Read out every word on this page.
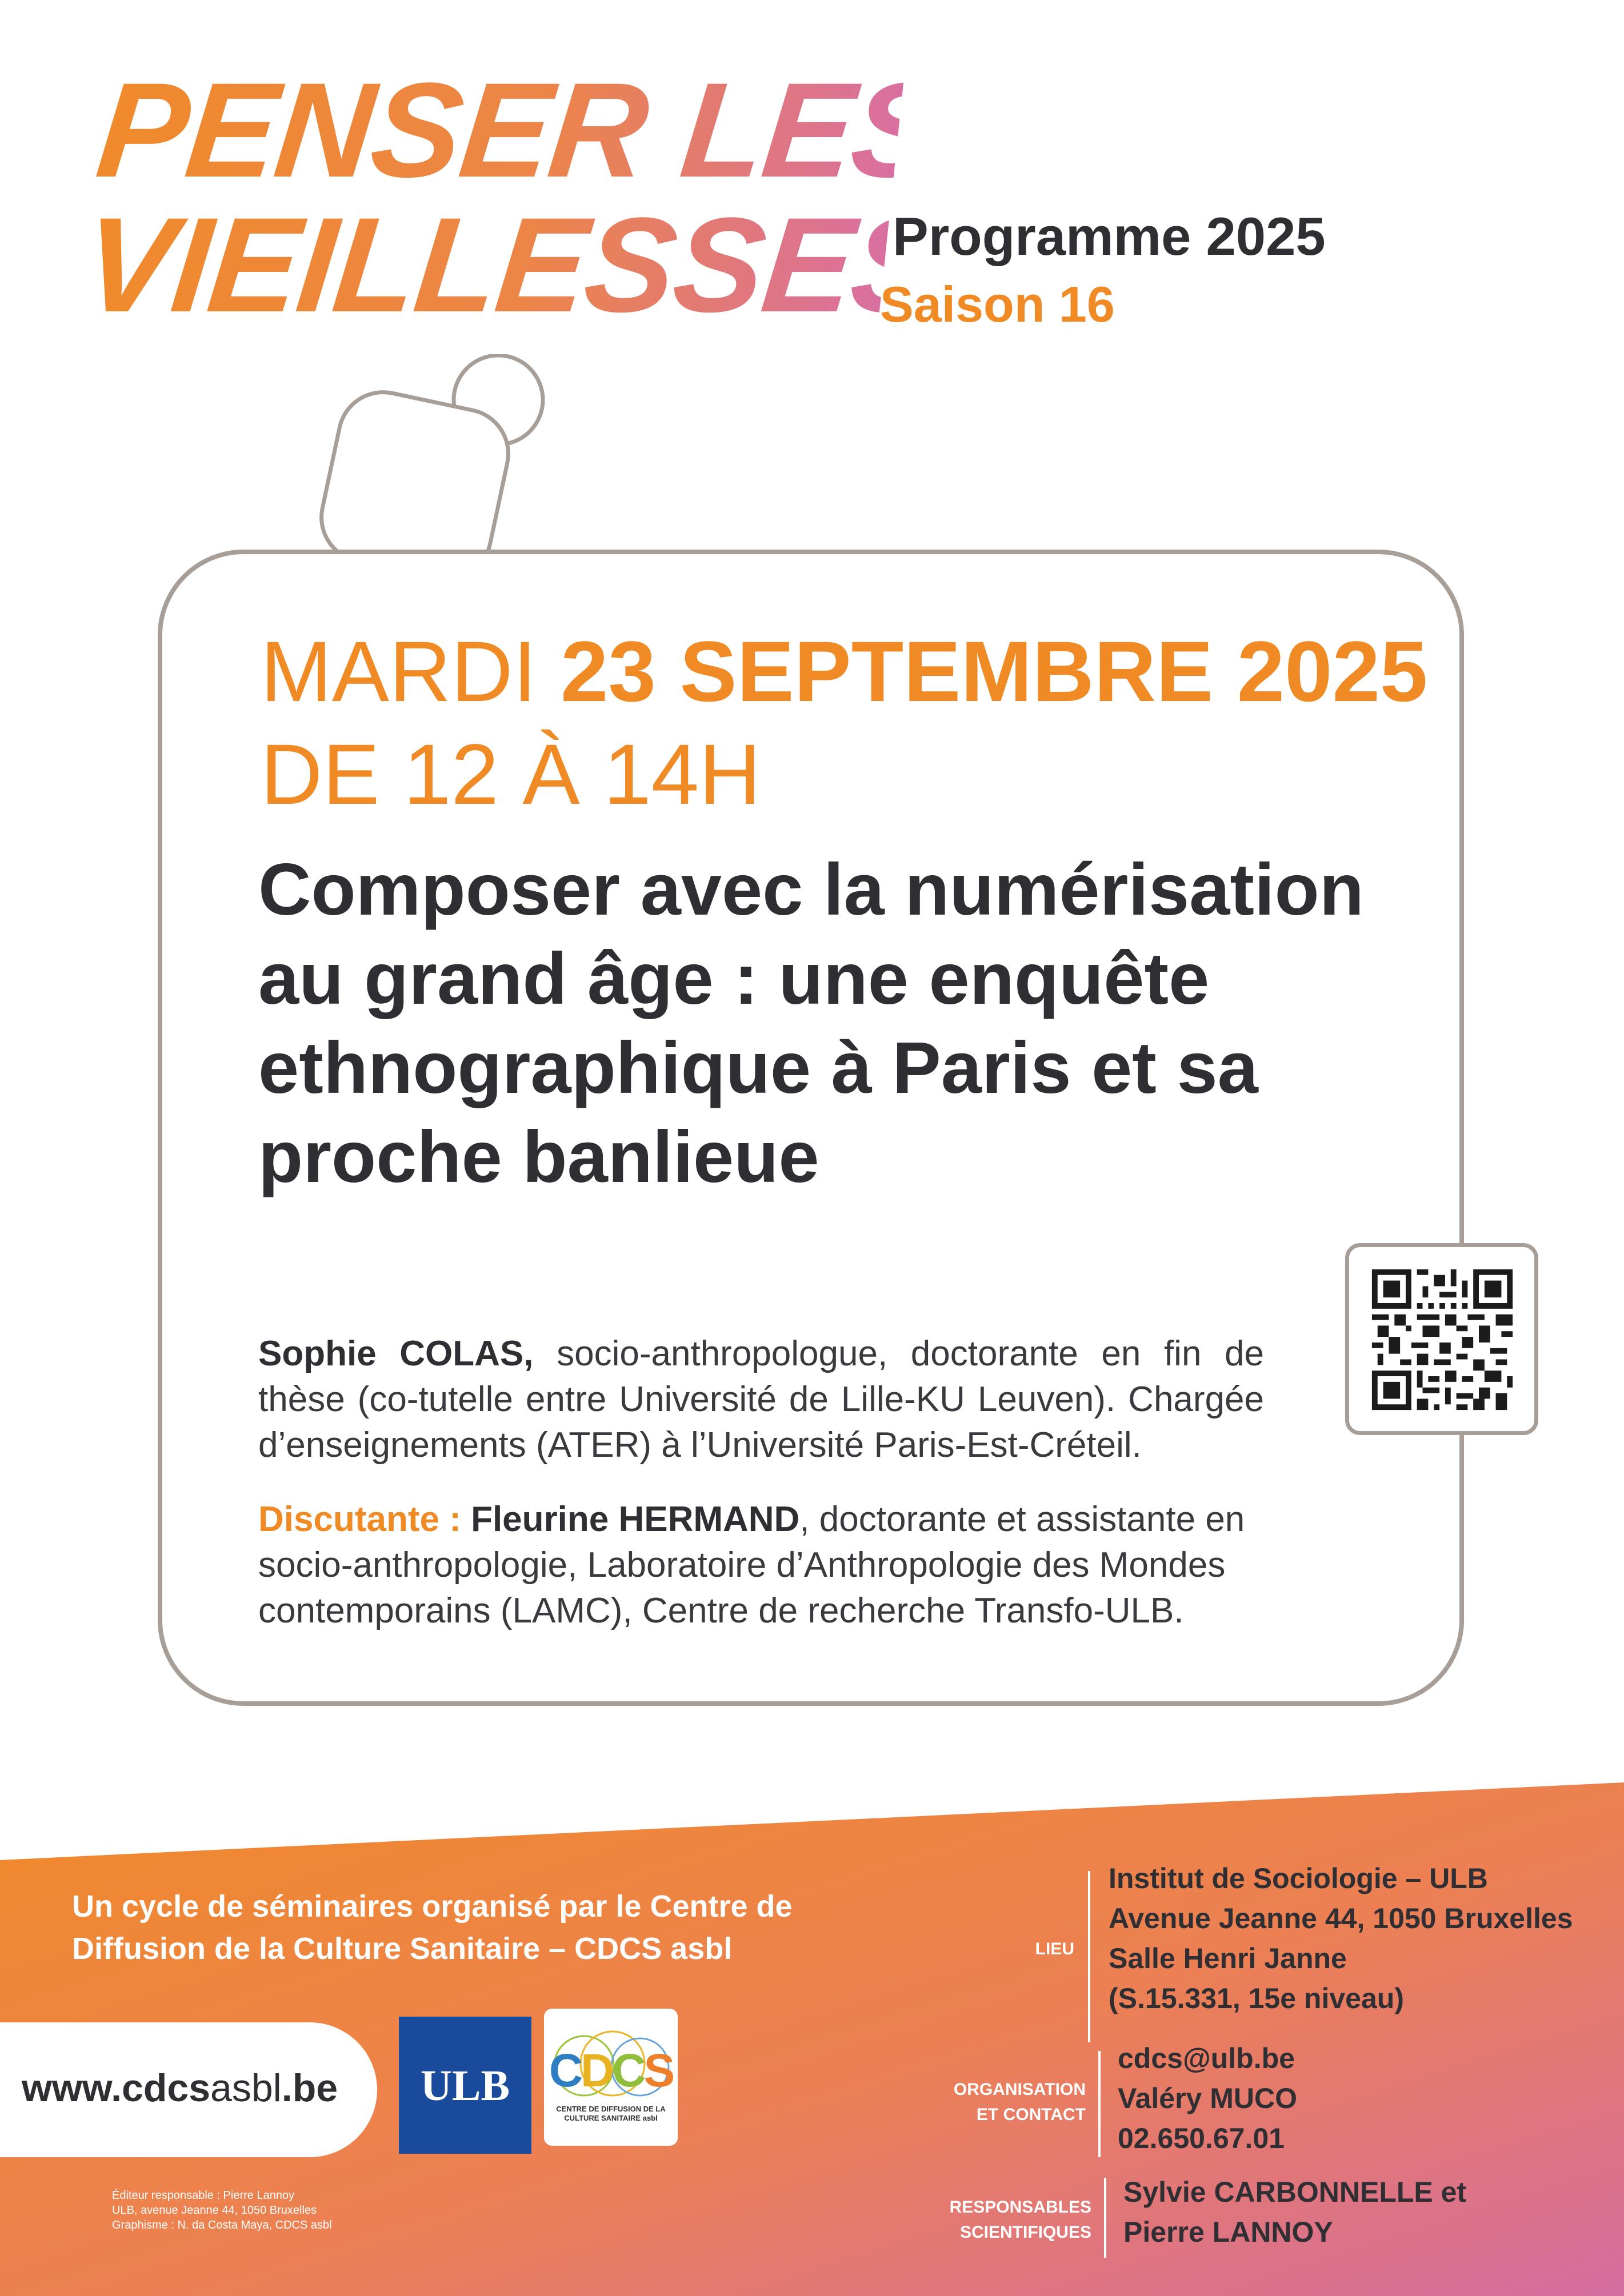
PENSER LES
VIEILLESSES
Programme 2025
Saison 16
MARDI 23 SEPTEMBRE 2025
DE 12 À 14H
Composer avec la numérisation
au grand âge : une enquête
ethnographique à Paris et sa
proche banlieue
Sophie COLAS, socio-anthropologue, doctorante en fin de thèse (co-tutelle entre Université de Lille-KU Leuven). Chargée d’enseignements (ATER) à l’Université Paris-Est-Créteil.
Discutante : Fleurine HERMAND, doctorante et assistante en socio-anthropologie, Laboratoire d’Anthropologie des Mondes contemporains (LAMC), Centre de recherche Transfo-ULB.
Un cycle de séminaires organisé par le Centre de
Diffusion de la Culture Sanitaire – CDCS asbl
www.cdcsasbl.be	ULB CDCS
CENTRE DE DIFFUSION DE LA CULTURE SANITAIRE asbl
Éditeur responsable : Pierre Lannoy
ULB, avenue Jeanne 44, 1050 Bruxelles
Graphisme : N. da Costa Maya, CDCS asbl
LIEU
Institut de Sociologie – ULB
Avenue Jeanne 44, 1050 Bruxelles
Salle Henri Janne
(S.15.331, 15e niveau)
ORGANISATION
ET CONTACT
cdcs@ulb.be
Valéry MUCO
02.650.67.01
RESPONSABLES
SCIENTIFIQUES
Sylvie CARBONNELLE et
Pierre LANNOY
